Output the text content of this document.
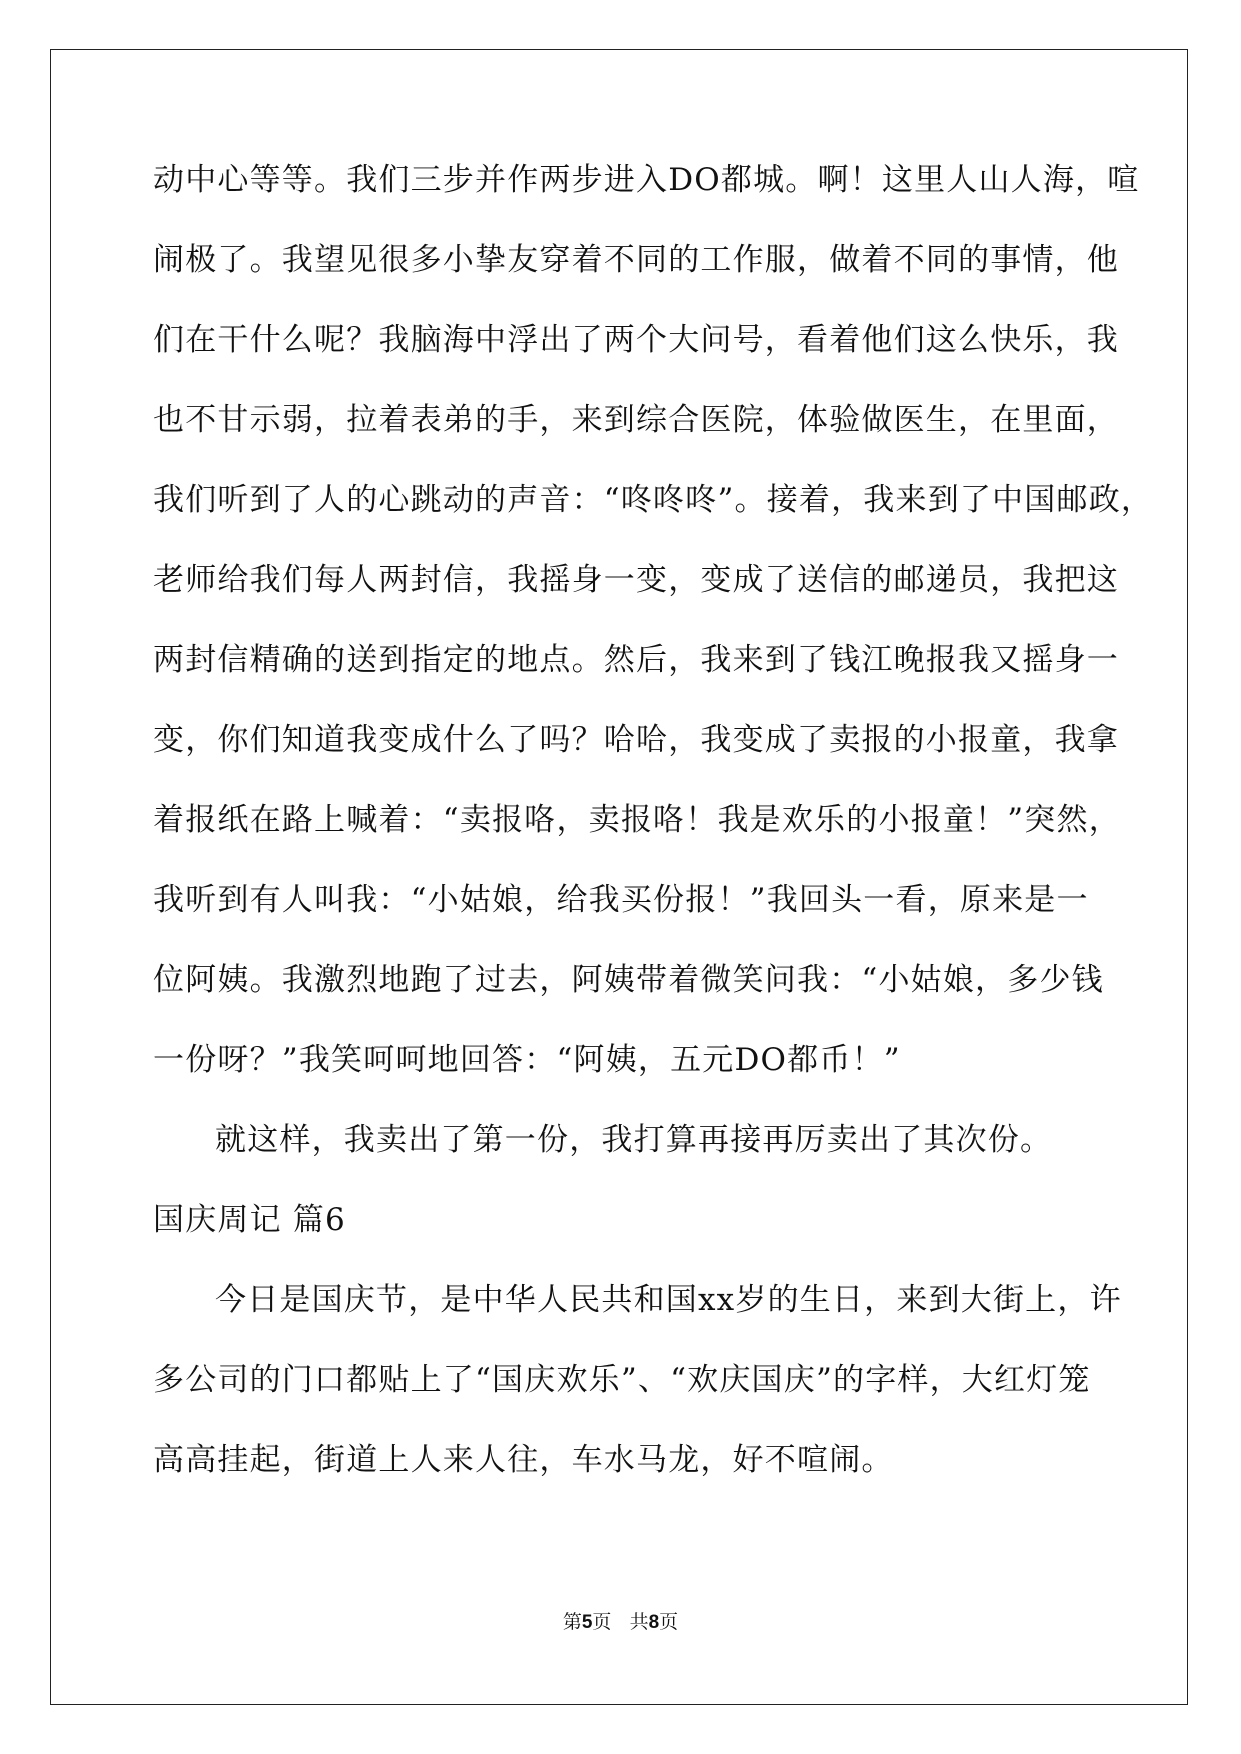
动中心等等。我们三步并作两步进入DO都城。啊！这里人山人海，喧
闹极了。我望见很多小挚友穿着不同的工作服，做着不同的事情，他
们在干什么呢？我脑海中浮出了两个大问号，看着他们这么快乐，我
也不甘示弱，拉着表弟的手，来到综合医院，体验做医生，在里面，
我们听到了人的心跳动的声音：“咚咚咚”。接着，我来到了中国邮政，
老师给我们每人两封信，我摇身一变，变成了送信的邮递员，我把这
两封信精确的送到指定的地点。然后，我来到了钱江晚报我又摇身一
变，你们知道我变成什么了吗？哈哈，我变成了卖报的小报童，我拿
着报纸在路上喊着：“卖报咯，卖报咯！我是欢乐的小报童！”突然，
我听到有人叫我：“小姑娘，给我买份报！”我回头一看，原来是一
位阿姨。我激烈地跑了过去，阿姨带着微笑问我：“小姑娘，多少钱
一份呀？”我笑呵呵地回答：“阿姨，五元DO都币！”
就这样，我卖出了第一份，我打算再接再厉卖出了其次份。
国庆周记 篇6
今日是国庆节，是中华人民共和国xx岁的生日，来到大街上，许
多公司的门口都贴上了“国庆欢乐”、“欢庆国庆”的字样，大红灯笼
高高挂起，街道上人来人往，车水马龙，好不喧闹。
第5页 共8页
